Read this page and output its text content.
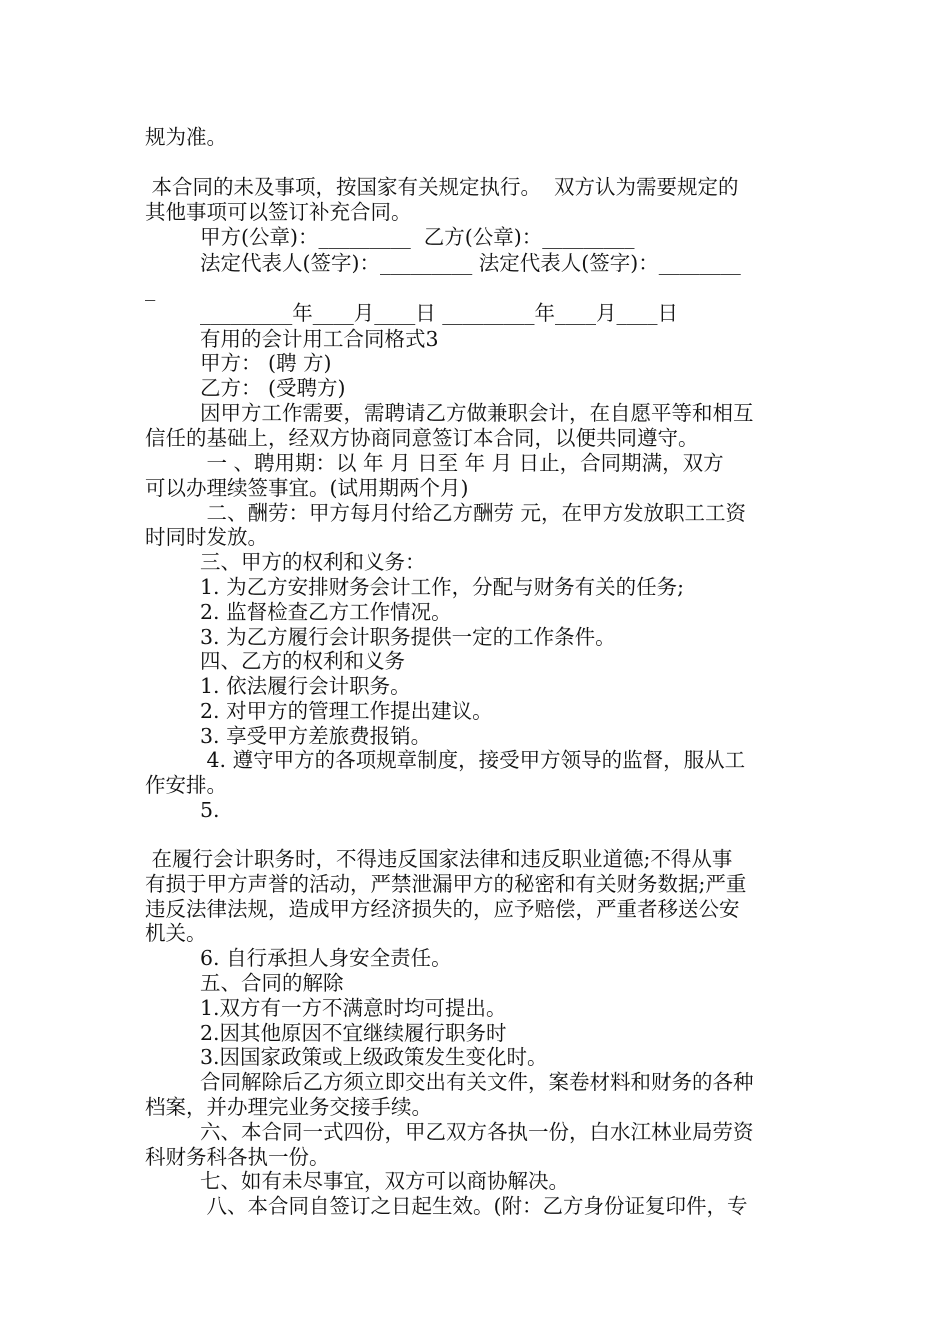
规为准。
本合同的未及事项，按国家有关规定执行。  双方认为需要规定的
其他事项可以签订补充合同。
甲方(公章)：_________  乙方(公章)：_________
法定代表人(签字)：_________ 法定代表人(签字)：________
_
_________年____月____日 _________年____月____日
有用的会计用工合同格式3
甲方： (聘 方)
乙方： (受聘方)
因甲方工作需要，需聘请乙方做兼职会计，在自愿平等和相互
信任的基础上，经双方协商同意签订本合同，以便共同遵守。
一 、聘用期：以 年 月 日至 年 月 日止，合同期满，双方
可以办理续签事宜。(试用期两个月)
二、酬劳：甲方每月付给乙方酬劳 元，在甲方发放职工工资
时同时发放。
三、甲方的权利和义务：
1. 为乙方安排财务会计工作，分配与财务有关的任务;
2. 监督检查乙方工作情况。
3. 为乙方履行会计职务提供一定的工作条件。
四、乙方的权利和义务
1. 依法履行会计职务。
2. 对甲方的管理工作提出建议。
3. 享受甲方差旅费报销。
4. 遵守甲方的各项规章制度，接受甲方领导的监督，服从工
作安排。
5.
在履行会计职务时，不得违反国家法律和违反职业道德;不得从事
有损于甲方声誉的活动，严禁泄漏甲方的秘密和有关财务数据;严重
违反法律法规，造成甲方经济损失的，应予赔偿，严重者移送公安
机关。
6. 自行承担人身安全责任。
五、合同的解除
1.双方有一方不满意时均可提出。
2.因其他原因不宜继续履行职务时
3.因国家政策或上级政策发生变化时。
合同解除后乙方须立即交出有关文件，案卷材料和财务的各种
档案，并办理完业务交接手续。
六、本合同一式四份，甲乙双方各执一份，白水江林业局劳资
科财务科各执一份。
七、如有未尽事宜，双方可以商协解决。
八、本合同自签订之日起生效。(附：乙方身份证复印件，专
